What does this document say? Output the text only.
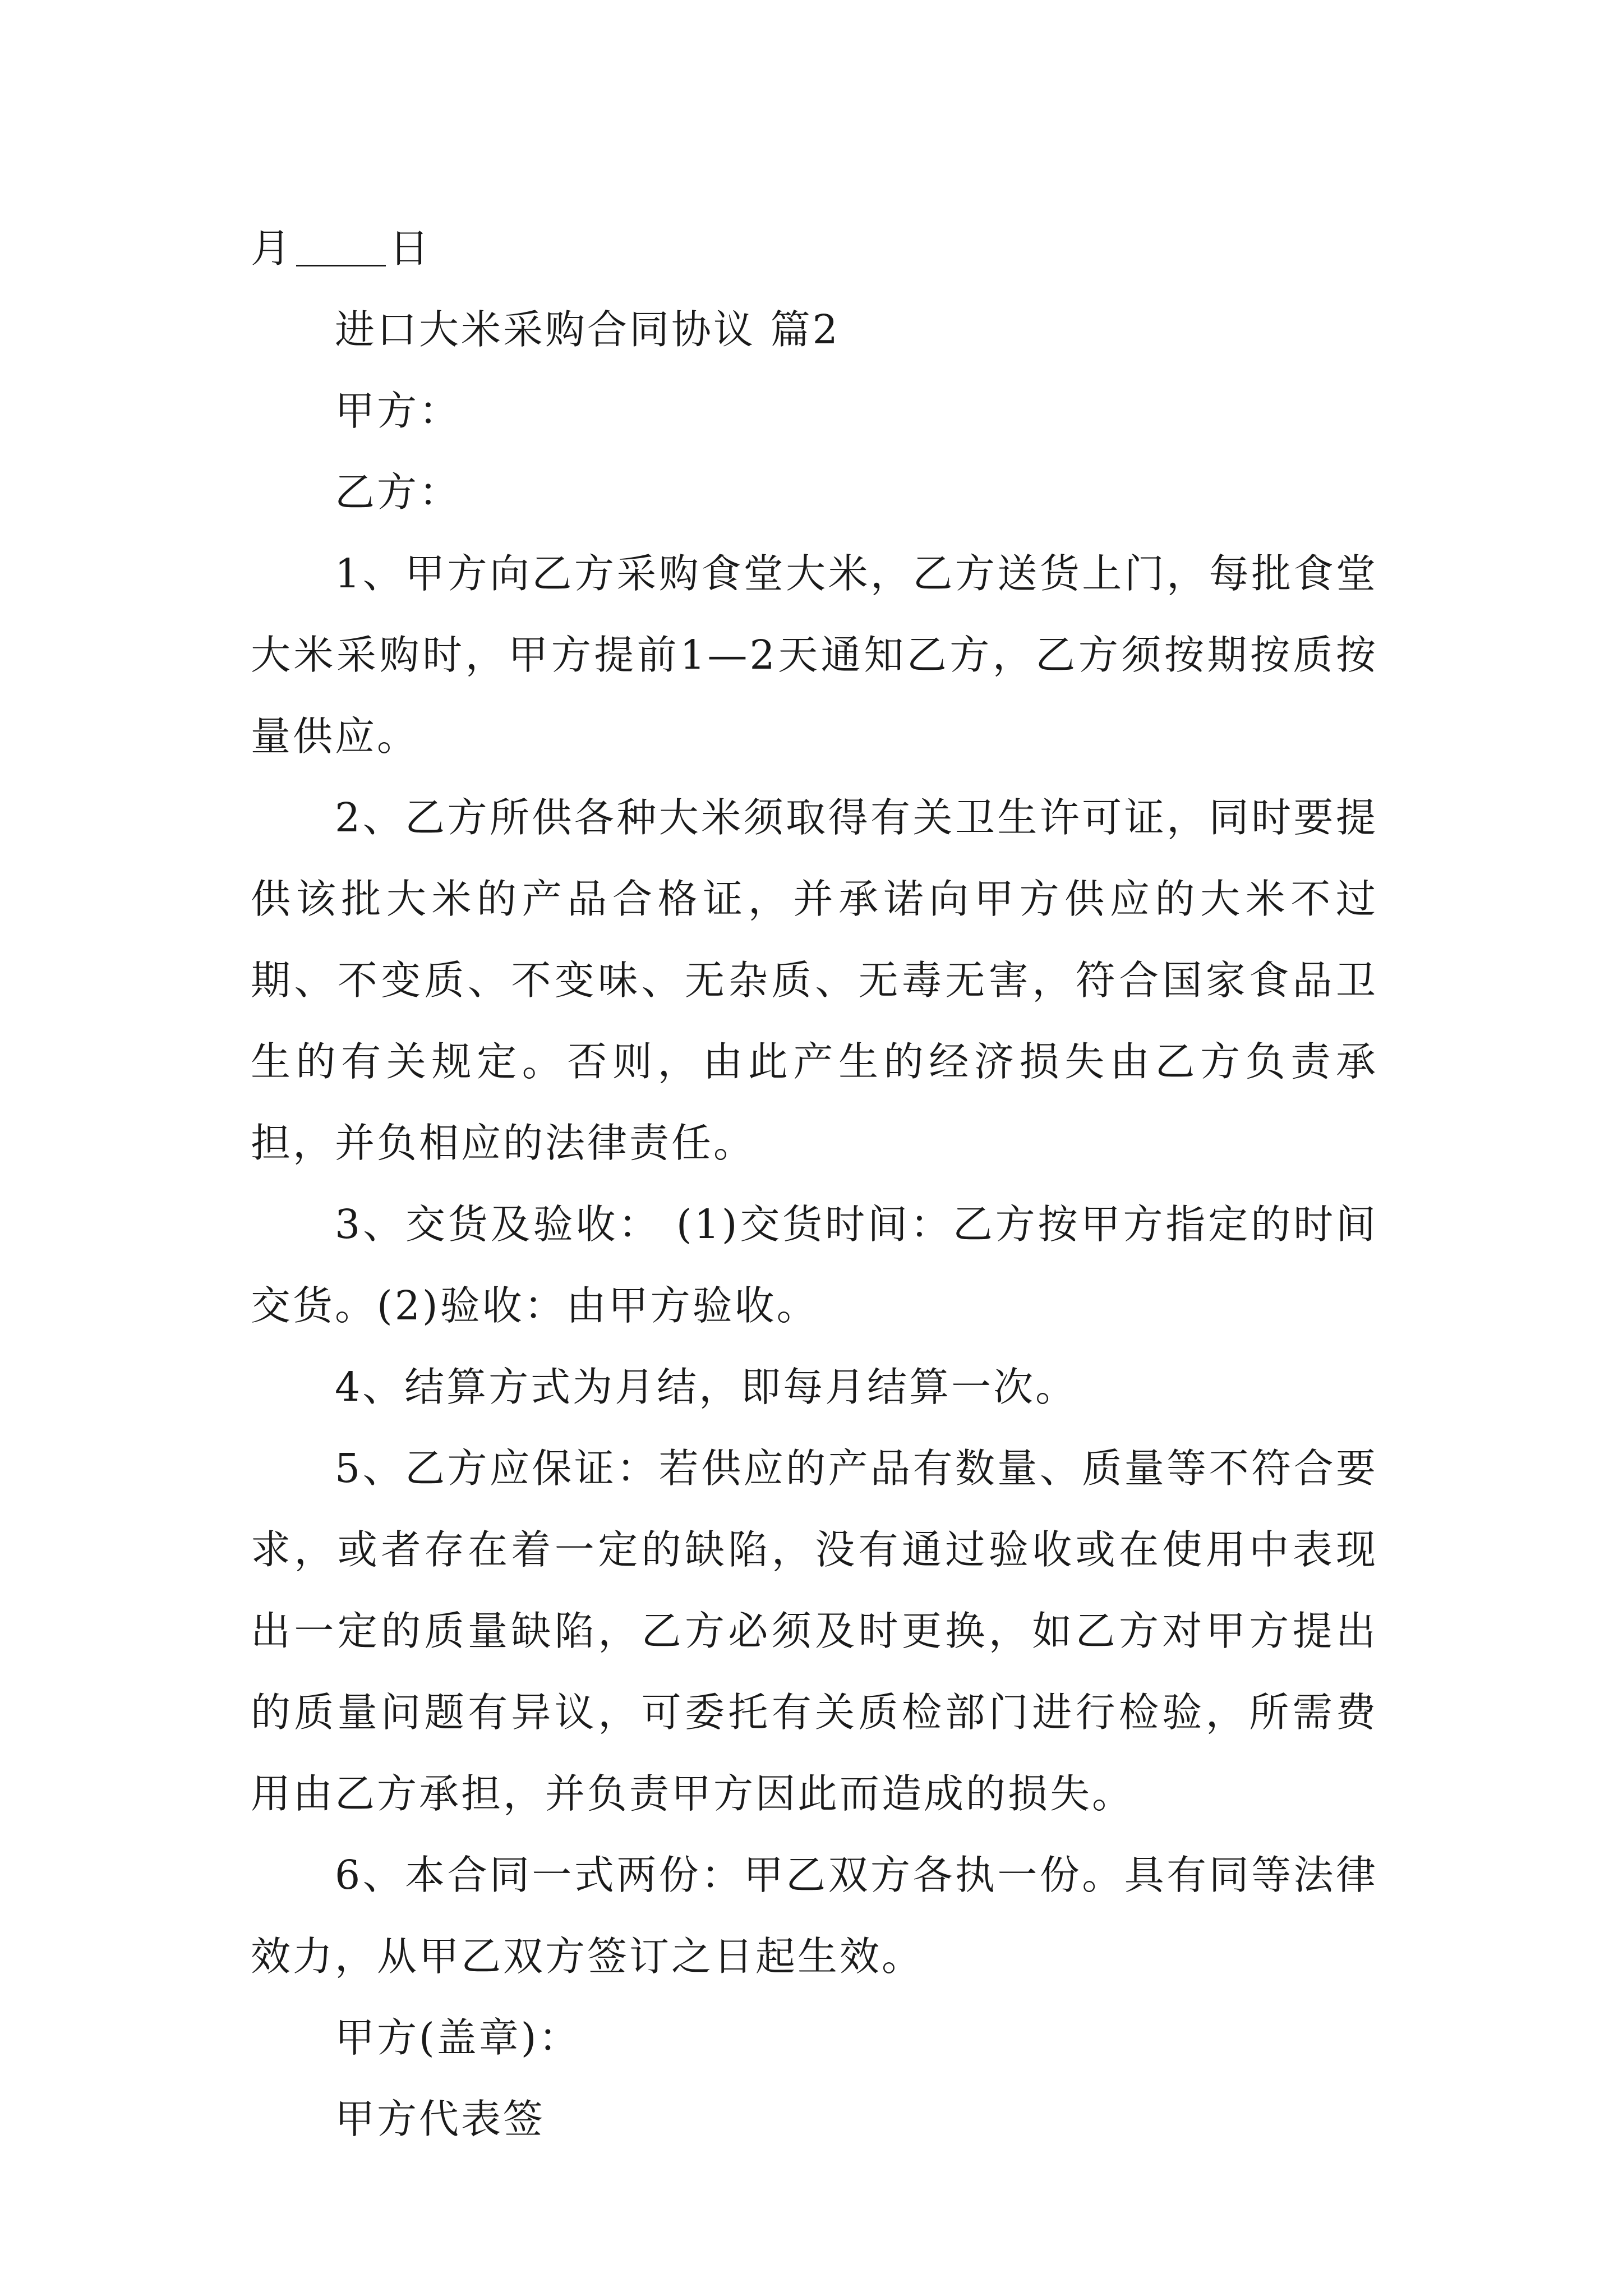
月 日

进口大米采购合同协议 篇2

甲方：

乙方：

1、甲方向乙方采购食堂大米，乙方送货上门，每批食堂大米采购时，甲方提前1—2天通知乙方，乙方须按期按质按量供应。

2、乙方所供各种大米须取得有关卫生许可证，同时要提供该批大米的产品合格证，并承诺向甲方供应的大米不过期、不变质、不变味、无杂质、无毒无害，符合国家食品卫生的有关规定。否则，由此产生的经济损失由乙方负责承担，并负相应的法律责任。

3、交货及验收： (1)交货时间：乙方按甲方指定的时间交货。(2)验收：由甲方验收。

4、结算方式为月结，即每月结算一次。

5、乙方应保证：若供应的产品有数量、质量等不符合要求，或者存在着一定的缺陷，没有通过验收或在使用中表现出一定的质量缺陷，乙方必须及时更换，如乙方对甲方提出的质量问题有异议，可委托有关质检部门进行检验，所需费用由乙方承担，并负责甲方因此而造成的损失。

6、本合同一式两份：甲乙双方各执一份。具有同等法律效力，从甲乙双方签订之日起生效。

甲方(盖章)：

甲方代表签
